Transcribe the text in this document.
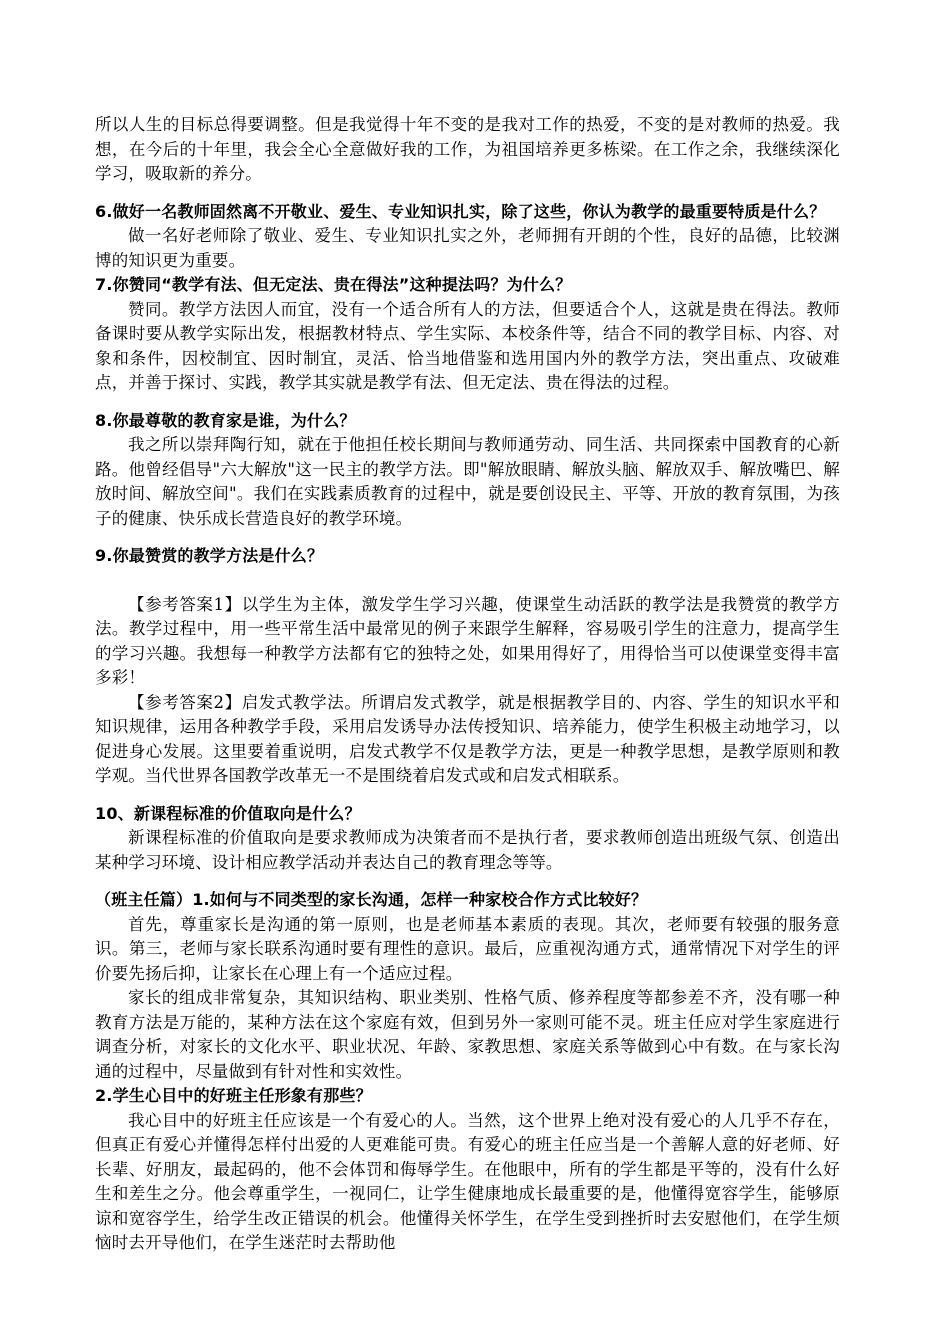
所以人生的目标总得要调整。但是我觉得十年不变的是我对工作的热爱，不变的是对教师的热爱。我想，在今后的十年里，我会全心全意做好我的工作，为祖国培养更多栋梁。在工作之余，我继续深化学习，吸取新的养分。

6.做好一名教师固然离不开敬业、爱生、专业知识扎实，除了这些，你认为教学的最重要特质是什么？

做一名好老师除了敬业、爱生、专业知识扎实之外，老师拥有开朗的个性，良好的品德，比较渊博的知识更为重要。

7.你赞同“教学有法、但无定法、贵在得法”这种提法吗？为什么？

赞同。教学方法因人而宜，没有一个适合所有人的方法，但要适合个人，这就是贵在得法。教师备课时要从教学实际出发，根据教材特点、学生实际、本校条件等，结合不同的教学目标、内容、对象和条件，因校制宜、因时制宜，灵活、恰当地借鉴和选用国内外的教学方法，突出重点、攻破难点，并善于探讨、实践，教学其实就是教学有法、但无定法、贵在得法的过程。

8.你最尊敬的教育家是谁，为什么？

我之所以崇拜陶行知，就在于他担任校长期间与教师通劳动、同生活、共同探索中国教育的心新路。他曾经倡导"六大解放"这一民主的教学方法。即"解放眼睛、解放头脑、解放双手、解放嘴巴、解放时间、解放空间"。我们在实践素质教育的过程中，就是要创设民主、平等、开放的教育氛围，为孩子的健康、快乐成长营造良好的教学环境。

9.你最赞赏的教学方法是什么？

【参考答案1】以学生为主体，激发学生学习兴趣，使课堂生动活跃的教学法是我赞赏的教学方法。教学过程中，用一些平常生活中最常见的例子来跟学生解释，容易吸引学生的注意力，提高学生的学习兴趣。我想每一种教学方法都有它的独特之处，如果用得好了，用得恰当可以使课堂变得丰富多彩！

【参考答案2】启发式教学法。所谓启发式教学，就是根据教学目的、内容、学生的知识水平和知识规律，运用各种教学手段，采用启发诱导办法传授知识、培养能力，使学生积极主动地学习，以促进身心发展。这里要着重说明，启发式教学不仅是教学方法，更是一种教学思想，是教学原则和教学观。当代世界各国教学改革无一不是围绕着启发式或和启发式相联系。

10、新课程标准的价值取向是什么？

新课程标准的价值取向是要求教师成为决策者而不是执行者，要求教师创造出班级气氛、创造出某种学习环境、设计相应教学活动并表达自己的教育理念等等。

（班主任篇）1.如何与不同类型的家长沟通，怎样一种家校合作方式比较好？

首先，尊重家长是沟通的第一原则，也是老师基本素质的表现。其次，老师要有较强的服务意识。第三，老师与家长联系沟通时要有理性的意识。最后，应重视沟通方式，通常情况下对学生的评价要先扬后抑，让家长在心理上有一个适应过程。

家长的组成非常复杂，其知识结构、职业类别、性格气质、修养程度等都参差不齐，没有哪一种教育方法是万能的，某种方法在这个家庭有效，但到另外一家则可能不灵。班主任应对学生家庭进行调查分析，对家长的文化水平、职业状况、年龄、家教思想、家庭关系等做到心中有数。在与家长沟通的过程中，尽量做到有针对性和实效性。

2.学生心目中的好班主任形象有那些？

我心目中的好班主任应该是一个有爱心的人。当然，这个世界上绝对没有爱心的人几乎不存在，但真正有爱心并懂得怎样付出爱的人更难能可贵。有爱心的班主任应当是一个善解人意的好老师、好长辈、好朋友，最起码的，他不会体罚和侮辱学生。在他眼中，所有的学生都是平等的，没有什么好生和差生之分。他会尊重学生，一视同仁，让学生健康地成长最重要的是，他懂得宽容学生，能够原谅和宽容学生，给学生改正错误的机会。他懂得关怀学生，在学生受到挫折时去安慰他们，在学生烦恼时去开导他们，在学生迷茫时去帮助他
